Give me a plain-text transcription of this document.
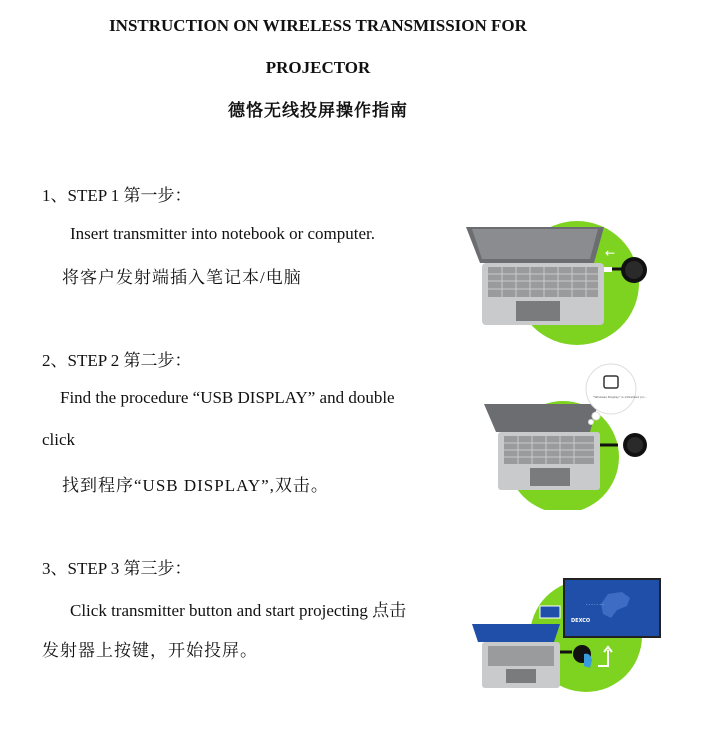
INSTRUCTION ON WIRELESS TRANSMISSION FOR
PROJECTOR
德恪无线投屏操作指南
1、STEP 1 第一步：
Insert transmitter into notebook or computer.
将客户发射端插入笔记本/电脑
2、STEP 2 第二步：
Find the procedure “USB DISPLAY” and double
click
找到程序“USB DISPLAY”,双击。
3、STEP 3 第三步：
Click transmitter button and start projecting 点击
发射器上按键，开始投屏。
←
"Wireless Display" is initialized (or...
- - - - - - -
DEXCO
